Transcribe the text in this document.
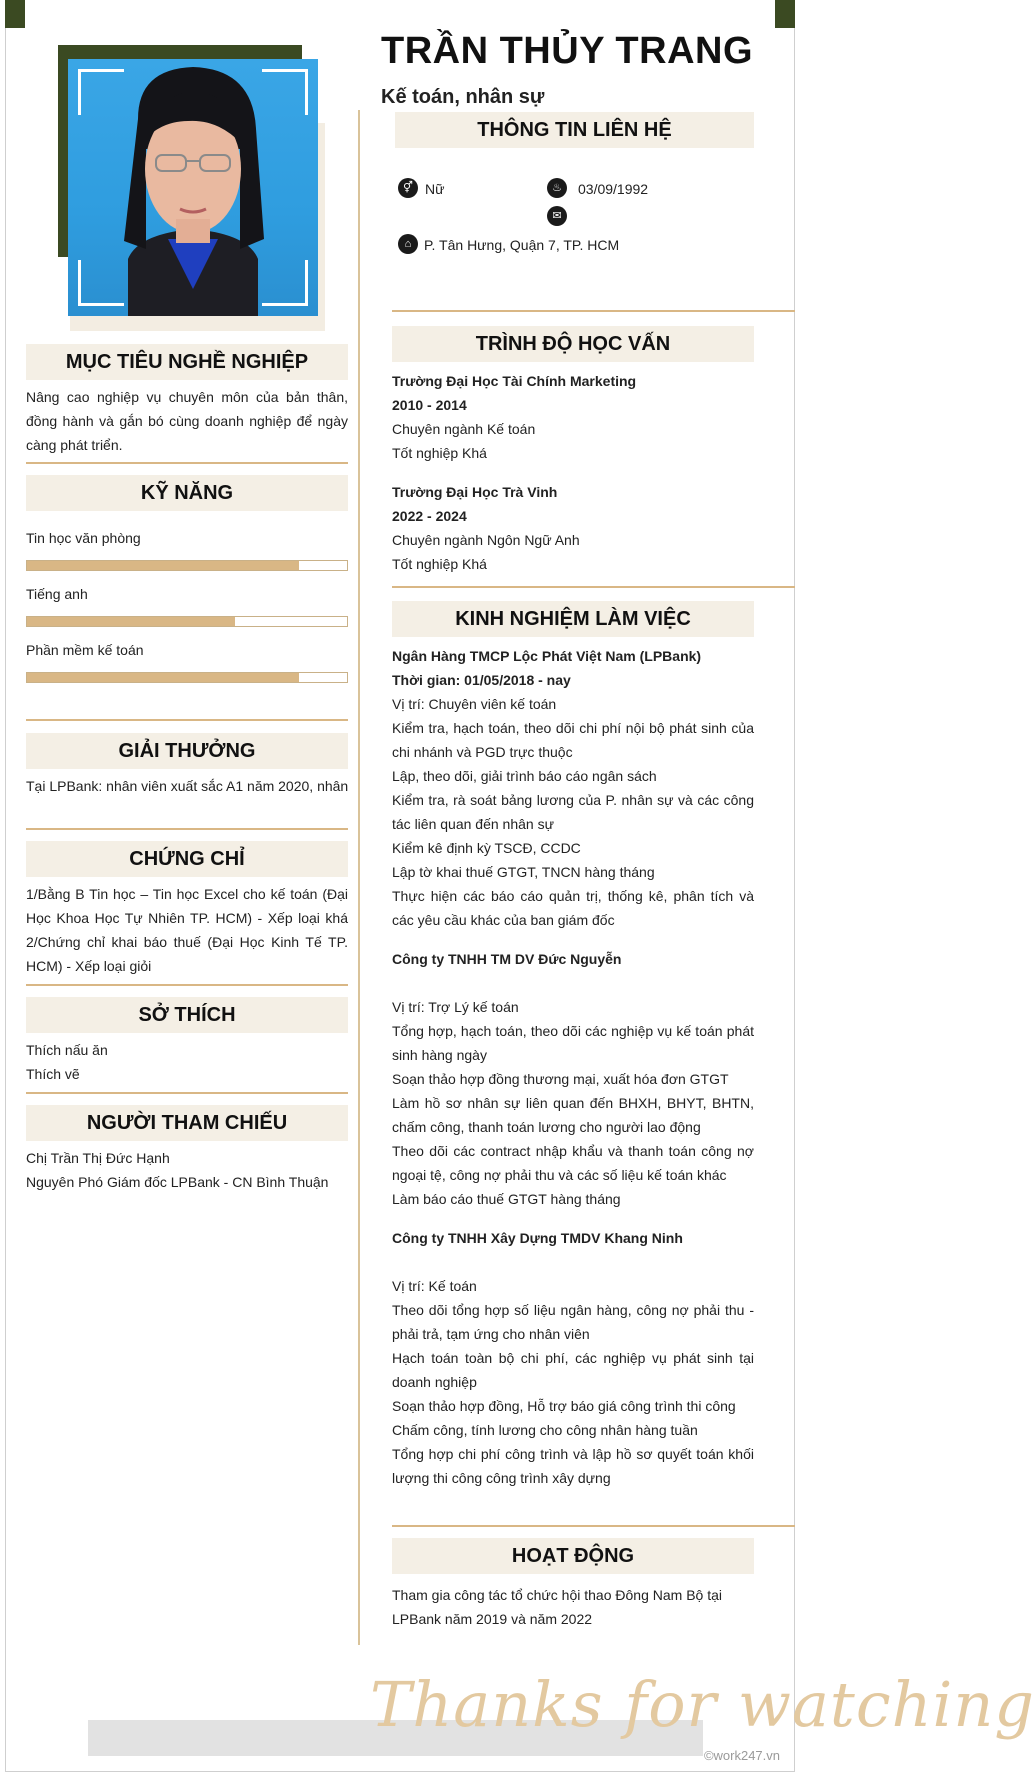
TRẦN THỦY TRANG
Kế toán, nhân sự
THÔNG TIN LIÊN HỆ
⚥ Nữ	♨	03/09/1992
✉
⌂ P. Tân Hưng, Quận 7, TP. HCM
TRÌNH ĐỘ HỌC VẤN
Trường Đại Học Tài Chính Marketing
2010 - 2014
Chuyên ngành Kế toán
Tốt nghiệp Khá
Trường Đại Học Trà Vinh
2022 - 2024
Chuyên ngành Ngôn Ngữ Anh
Tốt nghiệp Khá
KINH NGHIỆM LÀM VIỆC
Ngân Hàng TMCP Lộc Phát Việt Nam (LPBank)
Thời gian: 01/05/2018 - nay
Vị trí: Chuyên viên kế toán
Kiểm tra, hạch toán, theo dõi chi phí nội bộ phát sinh của chi nhánh và PGD trực thuộc
Lập, theo dõi, giải trình báo cáo ngân sách
Kiểm tra, rà soát bảng lương của P. nhân sự và các công tác liên quan đến nhân sự
Kiểm kê định kỳ TSCĐ, CCDC
Lập tờ khai thuế GTGT, TNCN hàng tháng
Thực hiện các báo cáo quản trị, thống kê, phân tích và các yêu cầu khác của ban giám đốc
Công ty TNHH TM DV Đức Nguyễn
Vị trí: Trợ Lý kế toán
Tổng hợp, hạch toán, theo dõi các nghiệp vụ kế toán phát sinh hàng ngày
Soạn thảo hợp đồng thương mại, xuất hóa đơn GTGT
Làm hồ sơ nhân sự liên quan đến BHXH, BHYT, BHTN, chấm công, thanh toán lương cho người lao động
Theo dõi các contract nhập khẩu và thanh toán công nợ ngoại tệ, công nợ phải thu và các số liệu kế toán khác
Làm báo cáo thuế GTGT hàng tháng
Công ty TNHH Xây Dựng TMDV Khang Ninh
Vị trí: Kế toán
Theo dõi tổng hợp số liệu ngân hàng, công nợ phải thu - phải trả, tạm ứng cho nhân viên
Hạch toán toàn bộ chi phí, các nghiệp vụ phát sinh tại doanh nghiệp
Soạn thảo hợp đồng, Hỗ trợ báo giá công trình thi công
Chấm công, tính lương cho công nhân hàng tuần
Tổng hợp chi phí công trình và lập hồ sơ quyết toán khối lượng thi công công trình xây dựng
HOẠT ĐỘNG
Tham gia công tác tổ chức hội thao Đông Nam Bộ tại LPBank năm 2019 và năm 2022
MỤC TIÊU NGHỀ NGHIỆP
Nâng cao nghiệp vụ chuyên môn của bản thân, đồng hành và gắn bó cùng doanh nghiệp để ngày càng phát triển.
KỸ NĂNG
Tin học văn phòng
Tiếng anh
Phần mềm kế toán
GIẢI THƯỞNG
Tại LPBank: nhân viên xuất sắc A1 năm 2020, nhân
CHỨNG CHỈ
1/Bằng B Tin học – Tin học Excel cho kế toán (Đại Học Khoa Học Tự Nhiên TP. HCM) - Xếp loại khá 2/Chứng chỉ khai báo thuế (Đại Học Kinh Tế TP. HCM) - Xếp loại giỏi
SỞ THÍCH
Thích nấu ăn
Thích vẽ
NGƯỜI THAM CHIẾU
Chị Trần Thị Đức Hạnh
Nguyên Phó Giám đốc LPBank - CN Bình Thuận
Thanks for watching
©work247.vn
